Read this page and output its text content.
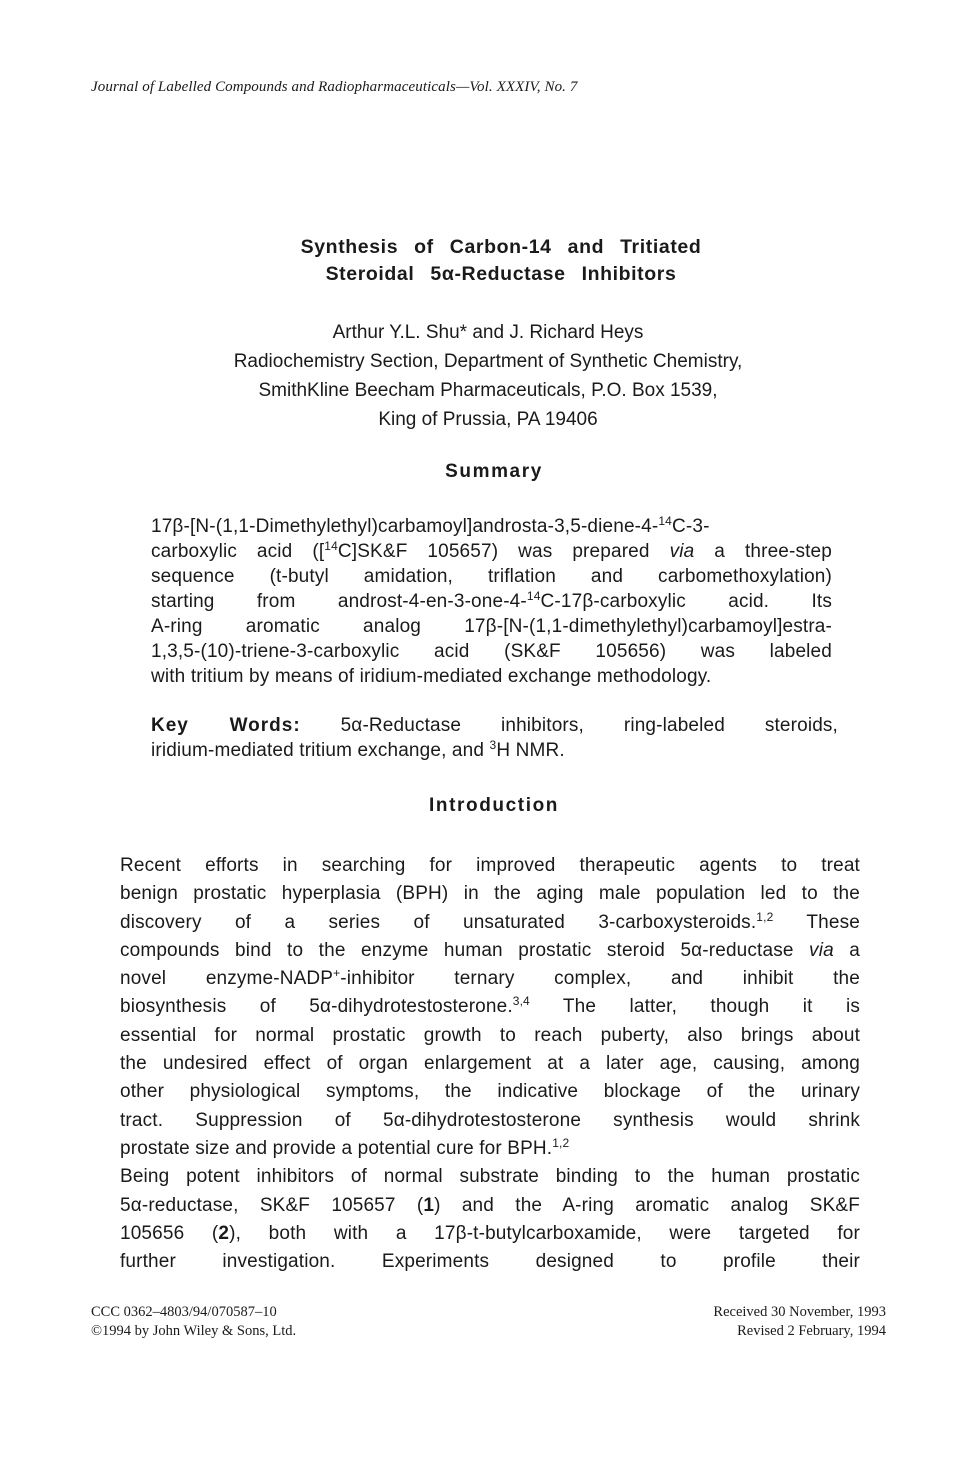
Journal of Labelled Compounds and Radiopharmaceuticals—Vol. XXXIV, No. 7
Synthesis of Carbon-14 and Tritiated
Steroidal 5α-Reductase Inhibitors
Arthur Y.L. Shu* and J. Richard Heys
Radiochemistry Section, Department of Synthetic Chemistry,
SmithKline Beecham Pharmaceuticals, P.O. Box 1539,
King of Prussia, PA 19406
Summary
17β-[N-(1,1-Dimethylethyl)carbamoyl]androsta-3,5-diene-4-$^{14}$C-3-
carboxylic acid ([$^{14}$C]SK&F 105657) was prepared via a three-step
sequence (t-butyl amidation, triflation and carbomethoxylation)
starting from androst-4-en-3-one-4-$^{14}$C-17β-carboxylic acid. Its
A-ring aromatic analog 17β-[N-(1,1-dimethylethyl)carbamoyl]estra-
1,3,5-(10)-triene-3-carboxylic acid (SK&F 105656) was labeled
with tritium by means of iridium-mediated exchange methodology.
Key Words: 5α-Reductase inhibitors, ring-labeled steroids,
iridium-mediated tritium exchange, and $^3$H NMR.
Introduction
Recent efforts in searching for improved therapeutic agents to treat
benign prostatic hyperplasia (BPH) in the aging male population led to the
discovery of a series of unsaturated 3-carboxysteroids.$^{1,2}$ These
compounds bind to the enzyme human prostatic steroid 5α-reductase via a
novel enzyme-NADP+-inhibitor ternary complex, and inhibit the
biosynthesis of 5α-dihydrotestosterone.$^{3,4}$ The latter, though it is
essential for normal prostatic growth to reach puberty, also brings about
the undesired effect of organ enlargement at a later age, causing, among
other physiological symptoms, the indicative blockage of the urinary
tract. Suppression of 5α-dihydrotestosterone synthesis would shrink
prostate size and provide a potential cure for BPH.$^{1,2}$
Being potent inhibitors of normal substrate binding to the human prostatic
5α-reductase, SK&F 105657 (1) and the A-ring aromatic analog SK&F
105656 (2), both with a 17β-t-butylcarboxamide, were targeted for
further investigation. Experiments designed to profile their
CCC 0362–4803/94/070587–10
©1994 by John Wiley & Sons, Ltd.
Received 30 November, 1993
Revised 2 February, 1994
